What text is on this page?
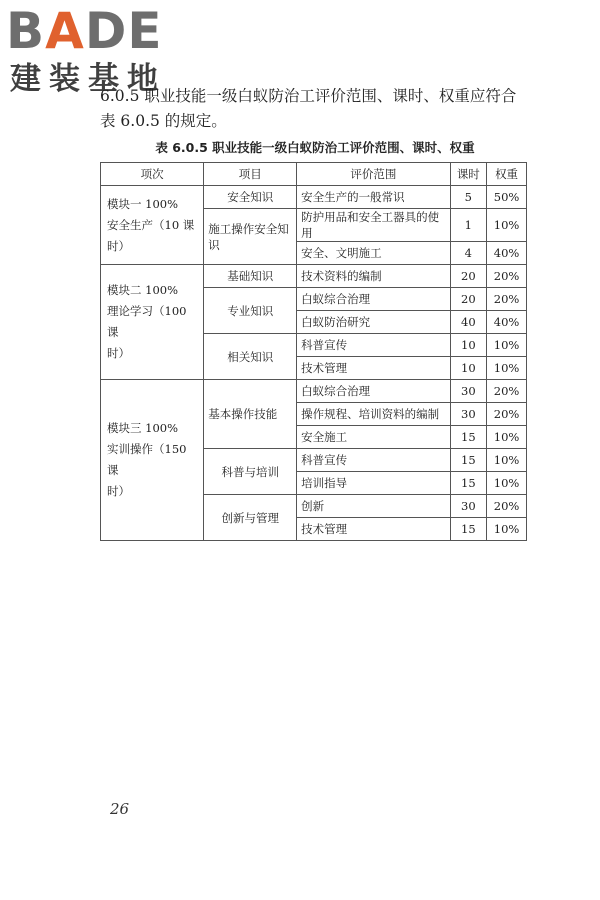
BADE
建装基地
6.0.5 职业技能一级白蚁防治工评价范围、课时、权重应符合
表 6.0.5 的规定。
表 6.0.5 职业技能一级白蚁防治工评价范围、课时、权重
项次	项目	评价范围	课时	权重

模块一 100%
安全生产（10 课
时）	安全知识	安全生产的一般常识	5	50%
	施工操作安全知识	防护用品和安全工器具的使用	1	10%
		安全、文明施工	4	40%

模块二 100%
理论学习（100 课
时）	基础知识	技术资料的编制	20	20%
	专业知识	白蚁综合治理	20	20%
		白蚁防治研究	40	40%
	相关知识	科普宣传	10	10%
		技术管理	10	10%

模块三 100%
实训操作（150 课
时）	基本操作技能	白蚁综合治理	30	20%
		操作规程、培训资料的编制	30	20%
		安全施工	15	10%
	科普与培训	科普宣传	15	10%
		培训指导	15	10%
	创新与管理	创新	30	20%
		技术管理	15	10%
26
